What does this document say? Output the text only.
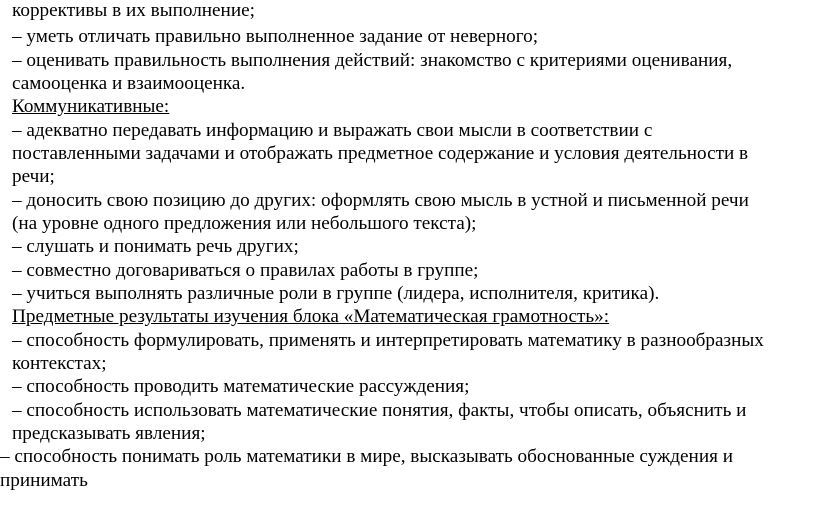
коррективы в их выполнение;
– уметь отличать правильно выполненное задание от неверного;
– оценивать правильность выполнения действий: знакомство с критериями оценивания,
самооценка и взаимооценка.
Коммуникативные:
– адекватно передавать информацию и выражать свои мысли в соответствии с
поставленными задачами и отображать предметное содержание и условия деятельности в
речи;
– доносить свою позицию до других: оформлять свою мысль в устной и письменной речи
(на уровне одного предложения или небольшого текста);
– слушать и понимать речь других;
– совместно договариваться о правилах работы в группе;
– учиться выполнять различные роли в группе (лидера, исполнителя, критика).
Предметные результаты изучения блока «Математическая грамотность»:
– способность формулировать, применять и интерпретировать математику в разнообразных
контекстах;
– способность проводить математические рассуждения;
– способность использовать математические понятия, факты, чтобы описать, объяснить и
предсказывать явления;
– способность понимать роль математики в мире, высказывать обоснованные суждения и
принимать
